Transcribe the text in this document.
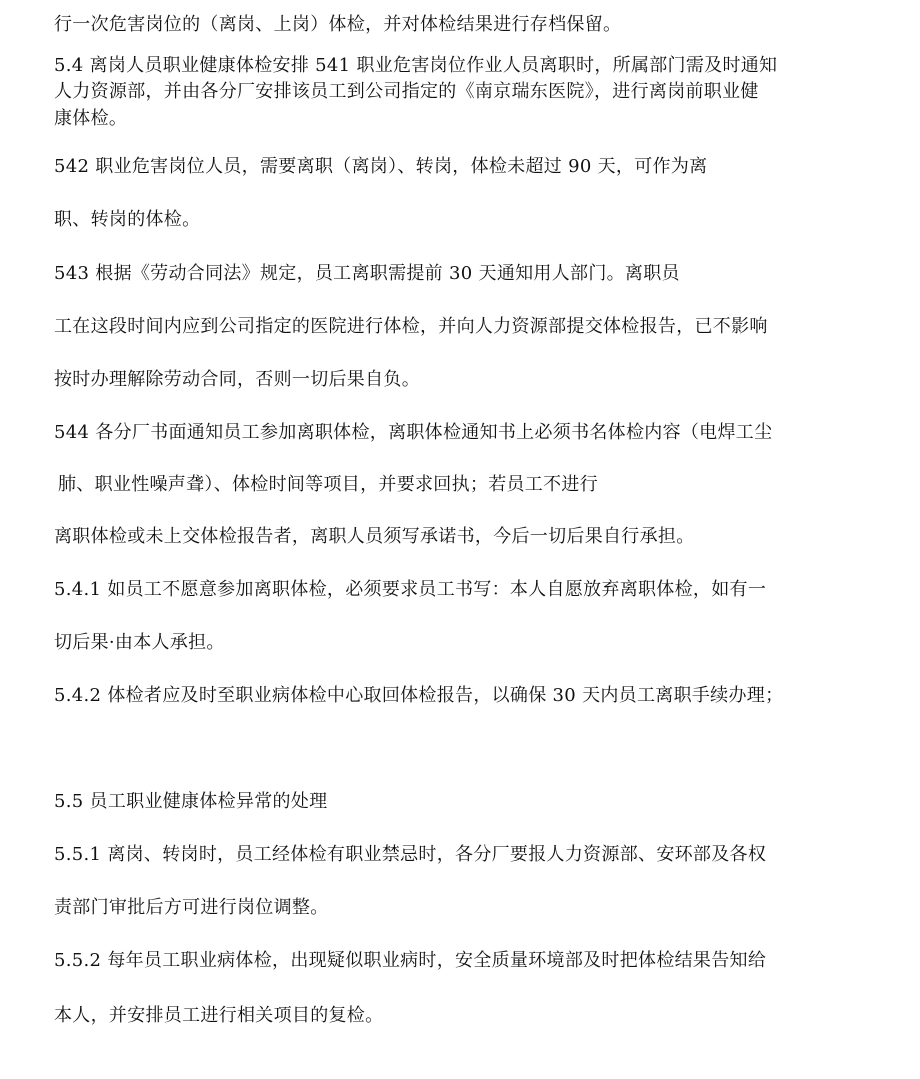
行一次危害岗位的（离岗、上岗）体检，并对体检结果进行存档保留。

5.4 离岗人员职业健康体检安排 541 职业危害岗位作业人员离职时，所属部门需及时通知

人力资源部，并由各分厂安排该员工到公司指定的《南京瑞东医院》，进行离岗前职业健

康体检。

542 职业危害岗位人员，需要离职（离岗）、转岗，体检未超过 90 天，可作为离

职、转岗的体检。

543 根据《劳动合同法》规定，员工离职需提前 30 天通知用人部门。离职员

工在这段时间内应到公司指定的医院进行体检，并向人力资源部提交体检报告，已不影响

按时办理解除劳动合同，否则一切后果自负。

544 各分厂书面通知员工参加离职体检，离职体检通知书上必须书名体检内容（电焊工尘

肺、职业性噪声聋）、体检时间等项目，并要求回执；若员工不进行

离职体检或未上交体检报告者，离职人员须写承诺书，今后一切后果自行承担。

5.4.1 如员工不愿意参加离职体检，必须要求员工书写：本人自愿放弃离职体检，如有一

切后果·由本人承担。

5.4.2 体检者应及时至职业病体检中心取回体检报告，以确保 30 天内员工离职手续办理；

5.5 员工职业健康体检异常的处理

5.5.1 离岗、转岗时，员工经体检有职业禁忌时，各分厂要报人力资源部、安环部及各权

责部门审批后方可进行岗位调整。

5.5.2 每年员工职业病体检，出现疑似职业病时，安全质量环境部及时把体检结果告知给

本人，并安排员工进行相关项目的复检。
